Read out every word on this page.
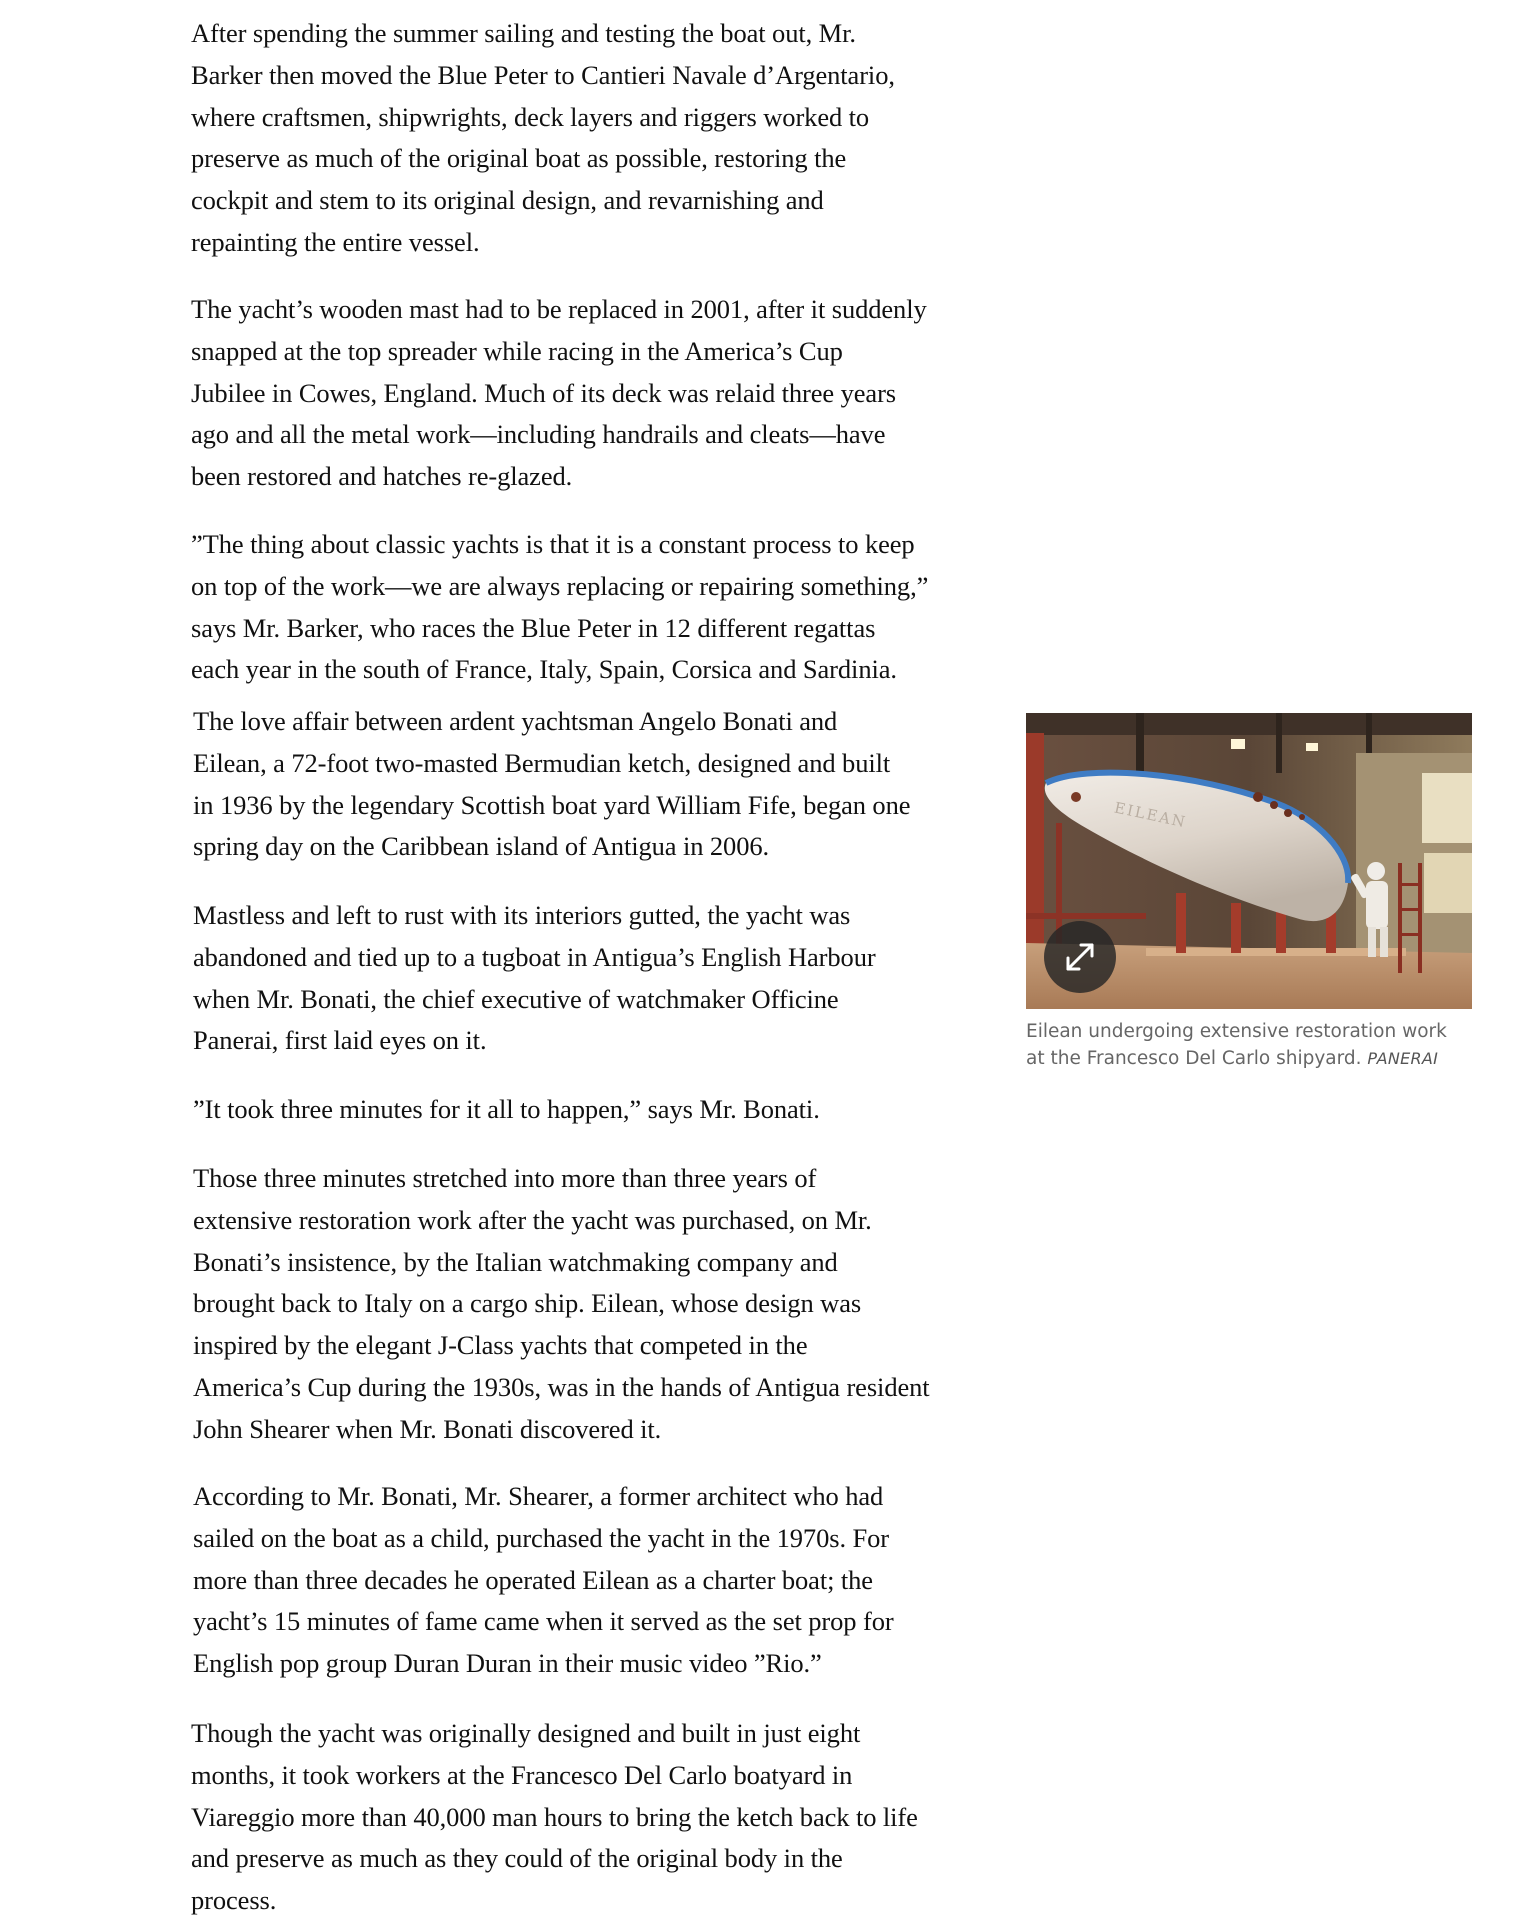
After spending the summer sailing and testing the boat out, Mr.
Barker then moved the Blue Peter to Cantieri Navale d’Argentario,
where craftsmen, shipwrights, deck layers and riggers worked to
preserve as much of the original boat as possible, restoring the
cockpit and stem to its original design, and revarnishing and
repainting the entire vessel.
The yacht’s wooden mast had to be replaced in 2001, after it suddenly
snapped at the top spreader while racing in the America’s Cup
Jubilee in Cowes, England. Much of its deck was relaid three years
ago and all the metal work—including handrails and cleats—have
been restored and hatches re-glazed.
”The thing about classic yachts is that it is a constant process to keep
on top of the work—we are always replacing or repairing something,”
says Mr. Barker, who races the Blue Peter in 12 different regattas
each year in the south of France, Italy, Spain, Corsica and Sardinia.
The love affair between ardent yachtsman Angelo Bonati and
Eilean, a 72-foot two-masted Bermudian ketch, designed and built
in 1936 by the legendary Scottish boat yard William Fife, began one
spring day on the Caribbean island of Antigua in 2006.
Mastless and left to rust with its interiors gutted, the yacht was
abandoned and tied up to a tugboat in Antigua’s English Harbour
when Mr. Bonati, the chief executive of watchmaker Officine
Panerai, first laid eyes on it.
”It took three minutes for it all to happen,” says Mr. Bonati.
Those three minutes stretched into more than three years of
extensive restoration work after the yacht was purchased, on Mr.
Bonati’s insistence, by the Italian watchmaking company and
brought back to Italy on a cargo ship. Eilean, whose design was
inspired by the elegant J-Class yachts that competed in the
America’s Cup during the 1930s, was in the hands of Antigua resident
John Shearer when Mr. Bonati discovered it.
According to Mr. Bonati, Mr. Shearer, a former architect who had
sailed on the boat as a child, purchased the yacht in the 1970s. For
more than three decades he operated Eilean as a charter boat; the
yacht’s 15 minutes of fame came when it served as the set prop for
English pop group Duran Duran in their music video ”Rio.”
Though the yacht was originally designed and built in just eight
months, it took workers at the Francesco Del Carlo boatyard in
Viareggio more than 40,000 man hours to bring the ketch back to life
and preserve as much as they could of the original body in the
process.
EILEAN
Eilean undergoing extensive restoration work
at the Francesco Del Carlo shipyard. PANERAI
